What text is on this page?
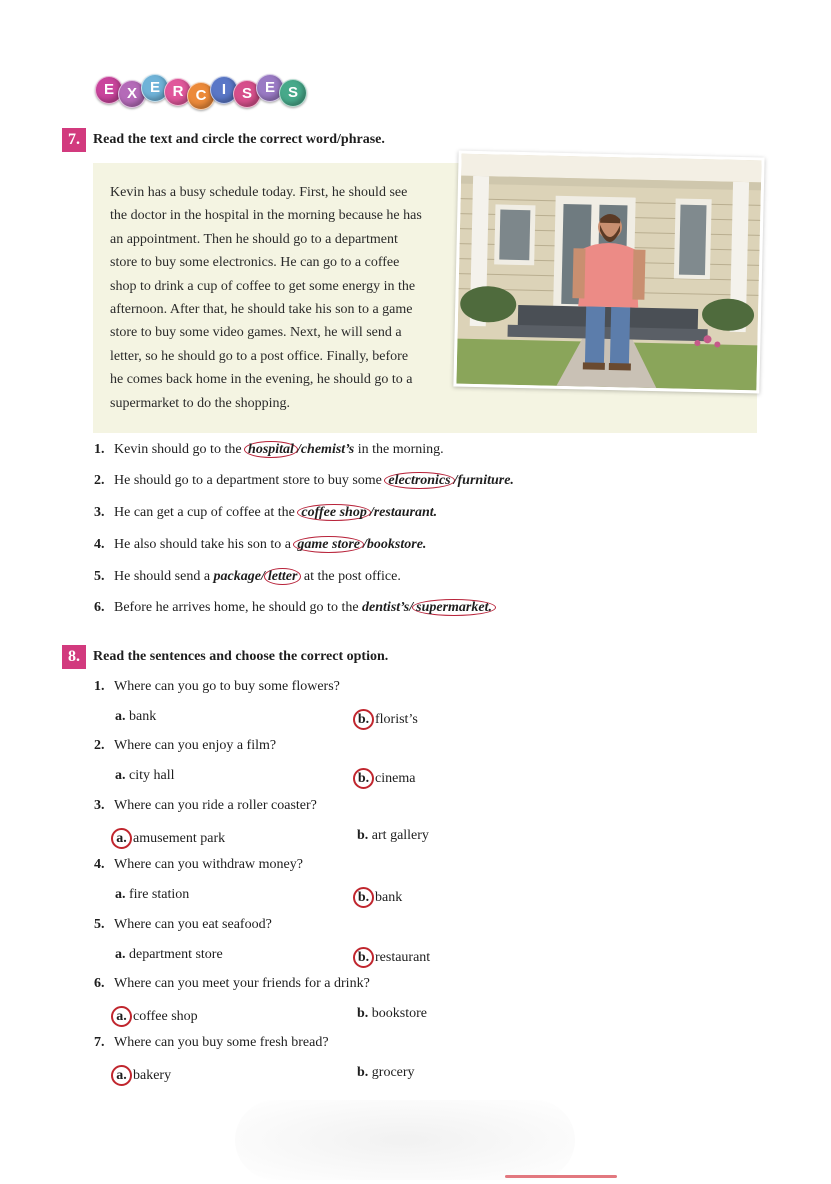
E X E R C	I	S E S
7. Read the text and circle the correct word/phrase.

Kevin has a busy schedule today. First, he should see

the doctor in the hospital in the morning because he has

an appointment. Then he should go to a department

store to buy some electronics. He can go to a coffee

shop to drink a cup of coffee to get some energy in the

afternoon. After that, he should take his son to a game

store to buy some video games. Next, he will send a

letter, so he should go to a post office. Finally, before

he comes back home in the evening, he should go to a

supermarket to do the shopping.

1. Kevin should go to the hospital /chemist’s in the morning.
2. He should go to a department store to buy some electronics /furniture.
3. He can get a cup of coffee at the coffee shop /restaurant.
4. He also should take his son to a game store /bookstore.
5. He should send a package/ letter at the post office.
6. Before he arrives home, he should go to the dentist’s/ supermarket.
8. Read the sentences and choose the correct option.
1. Where can you go to buy some flowers?
a. bank	b. florist’s
2. Where can you enjoy a film?
a. city hall	b. cinema
3. Where can you ride a roller coaster?
a. amusement park	b. art gallery
4. Where can you withdraw money?
a. fire station	b. bank
5. Where can you eat seafood?
a. department store	b. restaurant
6. Where can you meet your friends for a drink?
a. coffee shop	b. bookstore
7. Where can you buy some fresh bread?
a. bakery	b. grocery
